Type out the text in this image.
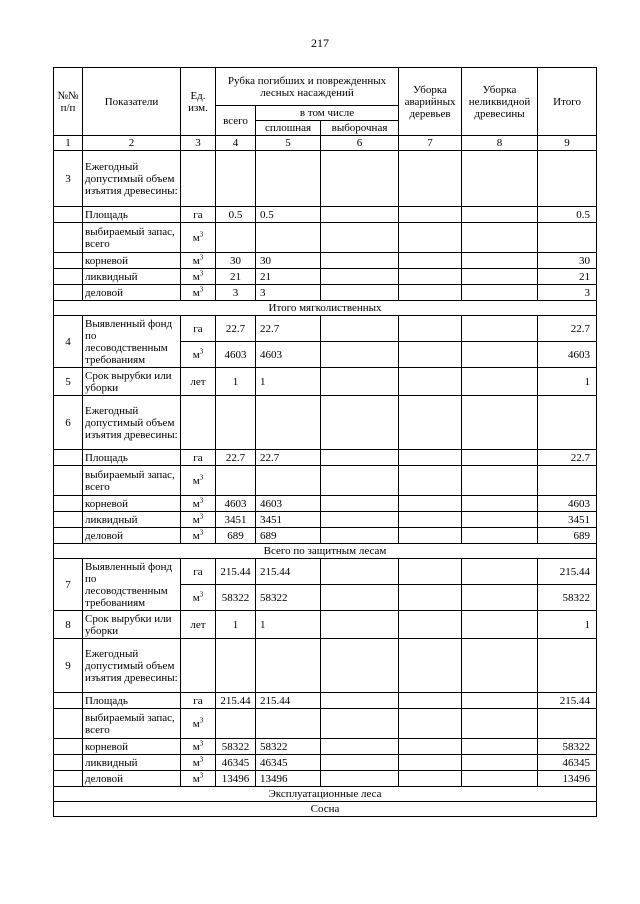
217
№№ п/п	Показатели	Ед. изм.	Рубка погибших и поврежденных лесных насаждений			Уборка аварийных деревьев	Уборка неликвидной древесины	Итого
			всего	в том числе				
				сплошная	выборочная			
1	2	3	4	5	6	7	8	9
3	Ежегодный допустимый объем изъятия древесины:							
	Площадь	га	0.5	0.5				0.5
	выбираемый запас, всего	$м^3$						
	корневой	$м^3$	30	30				30
	ликвидный	$м^3$	21	21				21
	деловой	$м^3$	3	3				3
Итого мягколиственных								
4	Выявленный фонд по лесоводственным требованиям	га	22.7	22.7				22.7
		$м^3$	4603	4603				4603
5	Срок вырубки или уборки	лет	1	1				1
6	Ежегодный допустимый объем изъятия древесины:							
	Площадь	га	22.7	22.7				22.7
	выбираемый запас, всего	$м^3$						
	корневой	$м^3$	4603	4603				4603
	ликвидный	$м^3$	3451	3451				3451
	деловой	$м^3$	689	689				689
Всего по защитным лесам								
7	Выявленный фонд по лесоводственным требованиям	га	215.44	215.44				215.44
		$м^3$	58322	58322				58322
8	Срок вырубки или уборки	лет	1	1				1
9	Ежегодный допустимый объем изъятия древесины:							
	Площадь	га	215.44	215.44				215.44
	выбираемый запас, всего	$м^3$						
	корневой	$м^3$	58322	58322				58322
	ликвидный	$м^3$	46345	46345				46345
	деловой	$м^3$	13496	13496				13496
Эксплуатационные леса								
Сосна								
